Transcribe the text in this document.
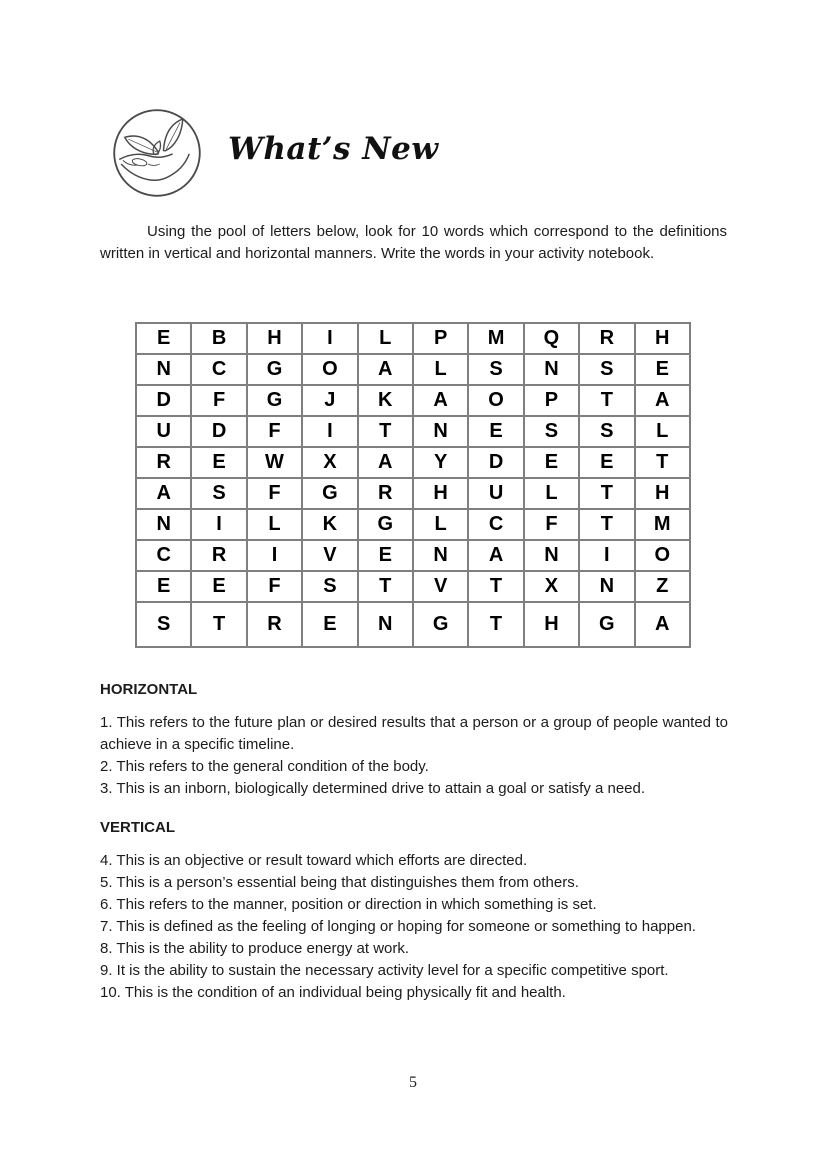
What’s New

Using the pool of letters below, look for 10 words which correspond to the definitions written in vertical and horizontal manners. Write the words in your activity notebook.

E	B	H	I	L	P	M	Q	R	H
N	C	G	O	A	L	S	N	S	E
D	F	G	J	K	A	O	P	T	A
U	D	F	I	T	N	E	S	S	L
R	E	W	X	A	Y	D	E	E	T
A	S	F	G	R	H	U	L	T	H
N	I	L	K	G	L	C	F	T	M
C	R	I	V	E	N	A	N	I	O
E	E	F	S	T	V	T	X	N	Z
S	T	R	E	N	G	T	H	G	A
HORIZONTAL

1. This refers to the future plan or desired results that a person or a group of people wanted to achieve in a specific timeline.

2. This refers to the general condition of the body.

3. This is an inborn, biologically determined drive to attain a goal or satisfy a need.

VERTICAL

4. This is an objective or result toward which efforts are directed.

5. This is a person’s essential being that distinguishes them from others.

6. This refers to the manner, position or direction in which something is set.

7. This is defined as the feeling of longing or hoping for someone or something to happen.

8. This is the ability to produce energy at work.

9. It is the ability to sustain the necessary activity level for a specific competitive sport.

10. This is the condition of an individual being physically fit and health.

5
